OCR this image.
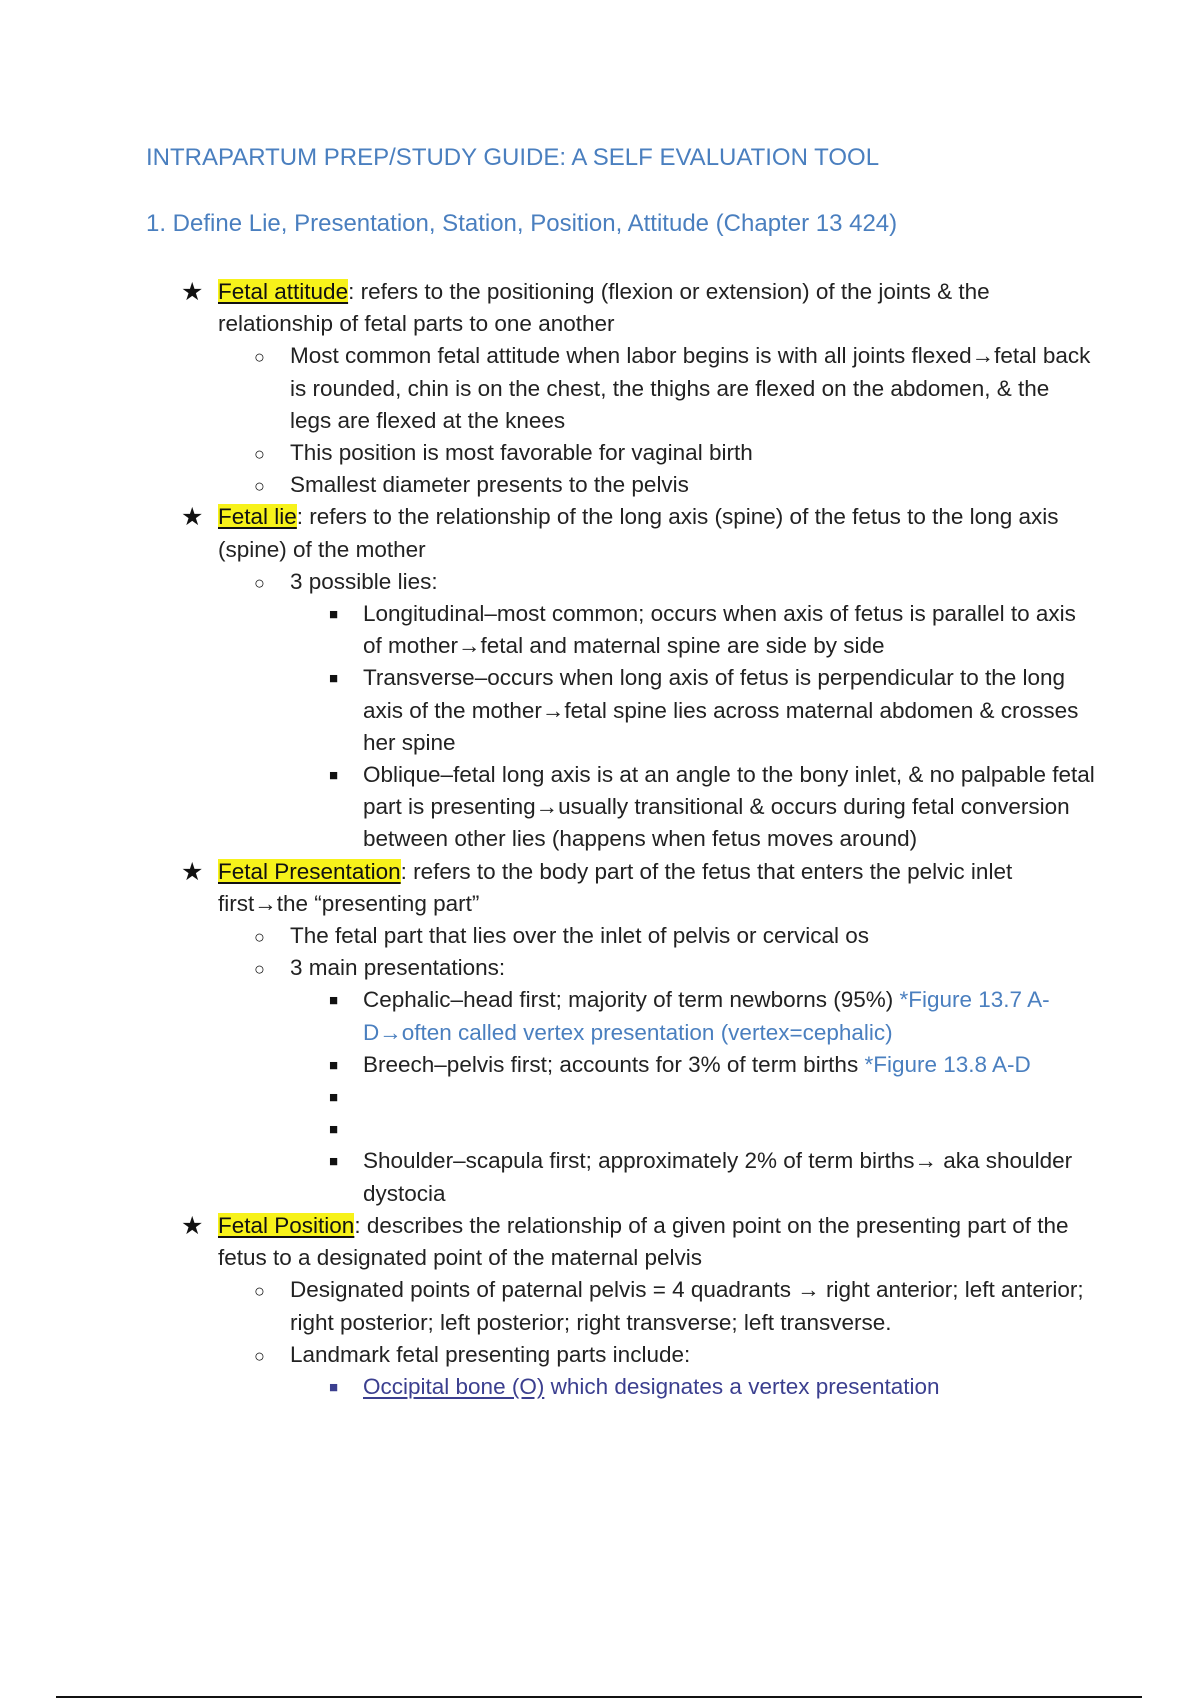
INTRAPARTUM PREP/STUDY GUIDE: A SELF EVALUATION TOOL
1. Define Lie, Presentation, Station, Position, Attitude (Chapter 13 424)
★ Fetal attitude: refers to the positioning (flexion or extension) of the joints & the relationship of fetal parts to one another
○ Most common fetal attitude when labor begins is with all joints flexed→fetal back is rounded, chin is on the chest, the thighs are flexed on the abdomen, & the legs are flexed at the knees
○ This position is most favorable for vaginal birth
○ Smallest diameter presents to the pelvis
★ Fetal lie: refers to the relationship of the long axis (spine) of the fetus to the long axis (spine) of the mother
○ 3 possible lies:
■ Longitudinal–most common; occurs when axis of fetus is parallel to axis of mother→fetal and maternal spine are side by side
■ Transverse–occurs when long axis of fetus is perpendicular to the long axis of the mother→fetal spine lies across maternal abdomen & crosses her spine
■ Oblique–fetal long axis is at an angle to the bony inlet, & no palpable fetal part is presenting→usually transitional & occurs during fetal conversion between other lies (happens when fetus moves around)
★ Fetal Presentation: refers to the body part of the fetus that enters the pelvic inlet first→the “presenting part”
○ The fetal part that lies over the inlet of pelvis or cervical os
○ 3 main presentations:
■ Cephalic–head first; majority of term newborns (95%) *Figure 13.7 A-D→often called vertex presentation (vertex=cephalic)
■ Breech–pelvis first; accounts for 3% of term births *Figure 13.8 A-D
■

■

■ Shoulder–scapula first; approximately 2% of term births→ aka shoulder dystocia
★ Fetal Position: describes the relationship of a given point on the presenting part of the fetus to a designated point of the maternal pelvis
○ Designated points of paternal pelvis = 4 quadrants → right anterior; left anterior; right posterior; left posterior; right transverse; left transverse.
○ Landmark fetal presenting parts include:
■ Occipital bone (O) which designates a vertex presentation
